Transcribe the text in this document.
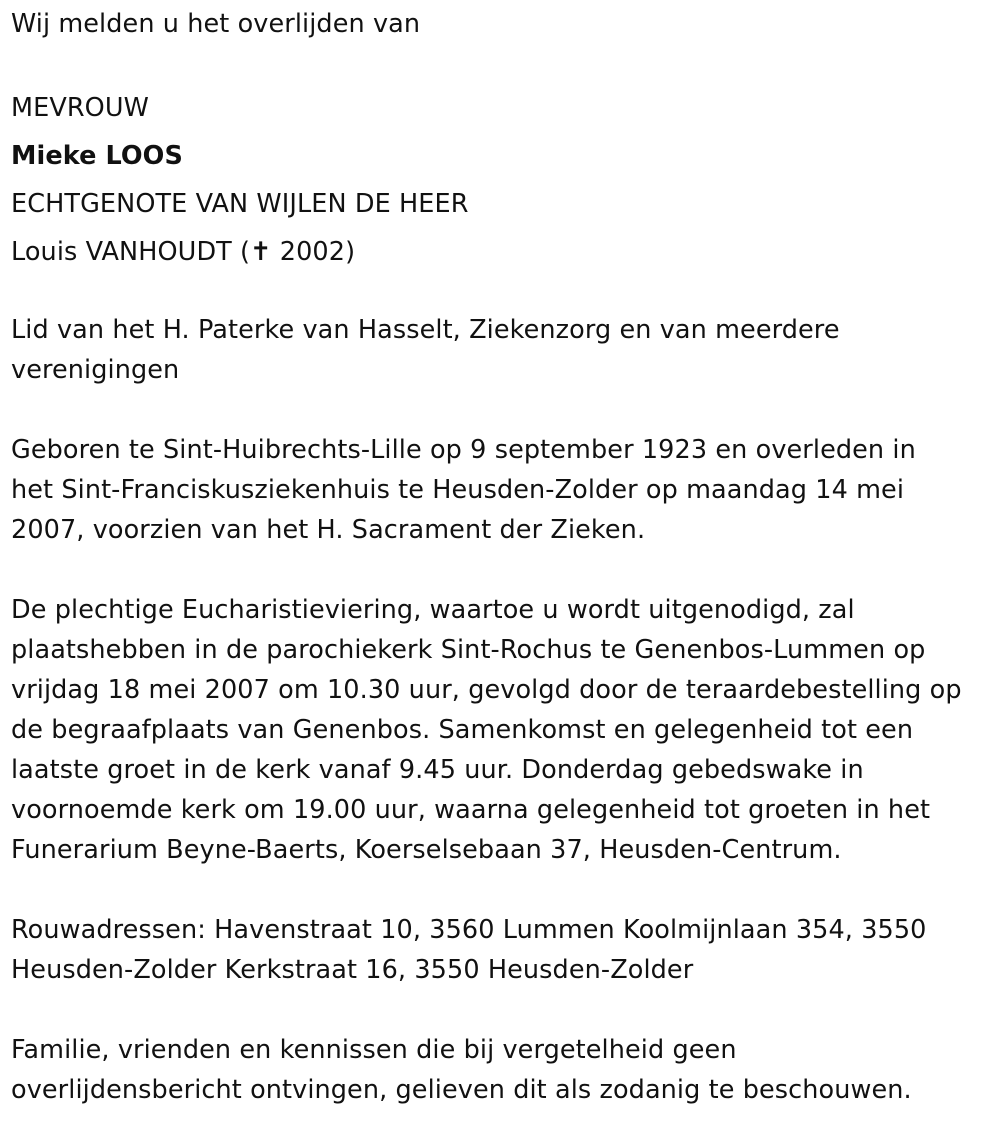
Wij melden u het overlijden van
MEVROUW
Mieke LOOS
ECHTGENOTE VAN WIJLEN DE HEER
Louis VANHOUDT (✝ 2002)

Lid van het H. Paterke van Hasselt, Ziekenzorg en van meerdere
verenigingen

Geboren te Sint-Huibrechts-Lille op 9 september 1923 en overleden in
het Sint-Franciskusziekenhuis te Heusden-Zolder op maandag 14 mei
2007, voorzien van het H. Sacrament der Zieken.

De plechtige Eucharistieviering, waartoe u wordt uitgenodigd, zal
plaatshebben in de parochiekerk Sint-Rochus te Genenbos-Lummen op
vrijdag 18 mei 2007 om 10.30 uur, gevolgd door de teraardebestelling op
de begraafplaats van Genenbos. Samenkomst en gelegenheid tot een
laatste groet in de kerk vanaf 9.45 uur. Donderdag gebedswake in
voornoemde kerk om 19.00 uur, waarna gelegenheid tot groeten in het
Funerarium Beyne-Baerts, Koerselsebaan 37, Heusden-Centrum.

Rouwadressen: Havenstraat 10, 3560 Lummen Koolmijnlaan 354, 3550
Heusden-Zolder Kerkstraat 16, 3550 Heusden-Zolder

Familie, vrienden en kennissen die bij vergetelheid geen
overlijdensbericht ontvingen, gelieven dit als zodanig te beschouwen.
